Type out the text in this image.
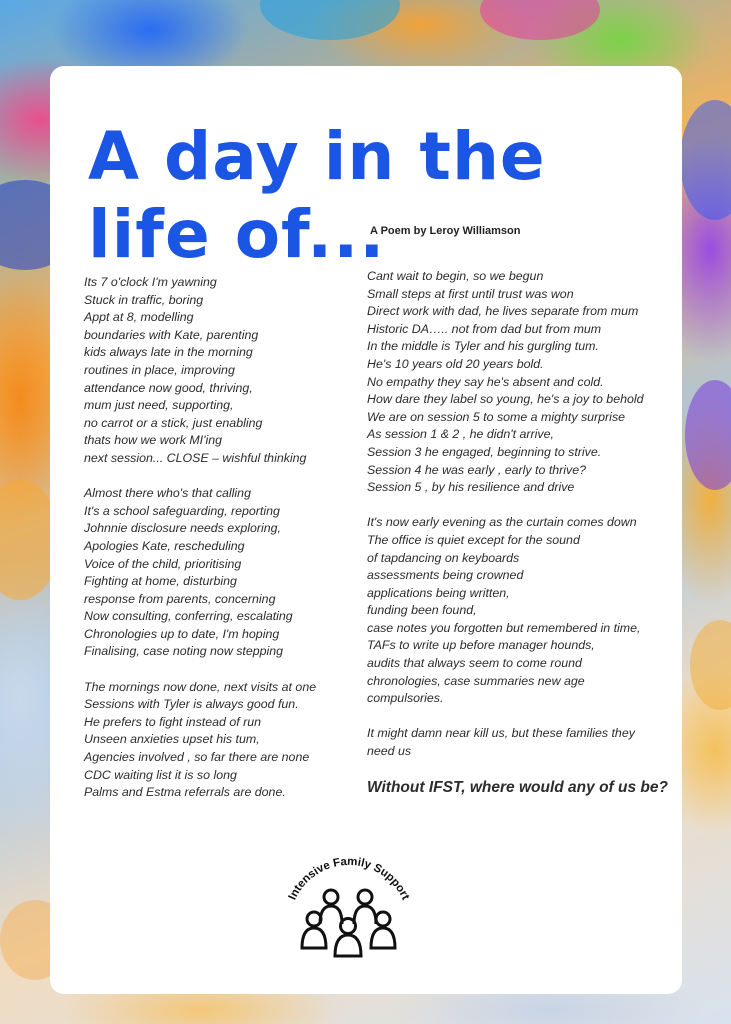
A day in the
life of...
A Poem by Leroy Williamson
Its 7 o'clock I'm yawning
Stuck in traffic, boring
Appt at 8, modelling
boundaries with Kate, parenting
kids always late in the morning
routines in place, improving
attendance now good, thriving,
mum just need, supporting,
no carrot or a stick, just enabling
thats how we work MI'ing
next session... CLOSE – wishful thinking
Almost there who's that calling
It's a school safeguarding, reporting
Johnnie disclosure needs exploring,
Apologies Kate, rescheduling
Voice of the child, prioritising
Fighting at home, disturbing
response from parents, concerning
Now consulting, conferring, escalating
Chronologies up to date, I'm hoping
Finalising, case noting now stepping
The mornings now done, next visits at one
Sessions with Tyler is always good fun.
He prefers to fight instead of run
Unseen anxieties upset his tum,
Agencies involved , so far there are none
CDC waiting list it is so long
Palms and Estma referrals are done.
Cant wait to begin, so we begun
Small steps at first until trust was won
Direct work with dad, he lives separate from mum
Historic DA….. not from dad but from mum
In the middle is Tyler and his gurgling tum.
He's 10 years old 20 years bold.
No empathy they say he's absent and cold.
How dare they label so young, he's a joy to behold
We are on session 5 to some a mighty surprise
As session 1 & 2 , he didn't arrive,
Session 3 he engaged, beginning to strive.
Session 4 he was early , early to thrive?
Session 5 , by his resilience and drive
It's now early evening as the curtain comes down
The office is quiet except for the sound
of tapdancing on keyboards
assessments being crowned
applications being written,
funding been found,
case notes you forgotten but remembered in time,
TAFs to write up before manager hounds,
audits that always seem to come round
chronologies, case summaries new age
compulsories.
It might damn near kill us, but these families they
need us
Without IFST, where would any of us be?
Intensive Family Support
